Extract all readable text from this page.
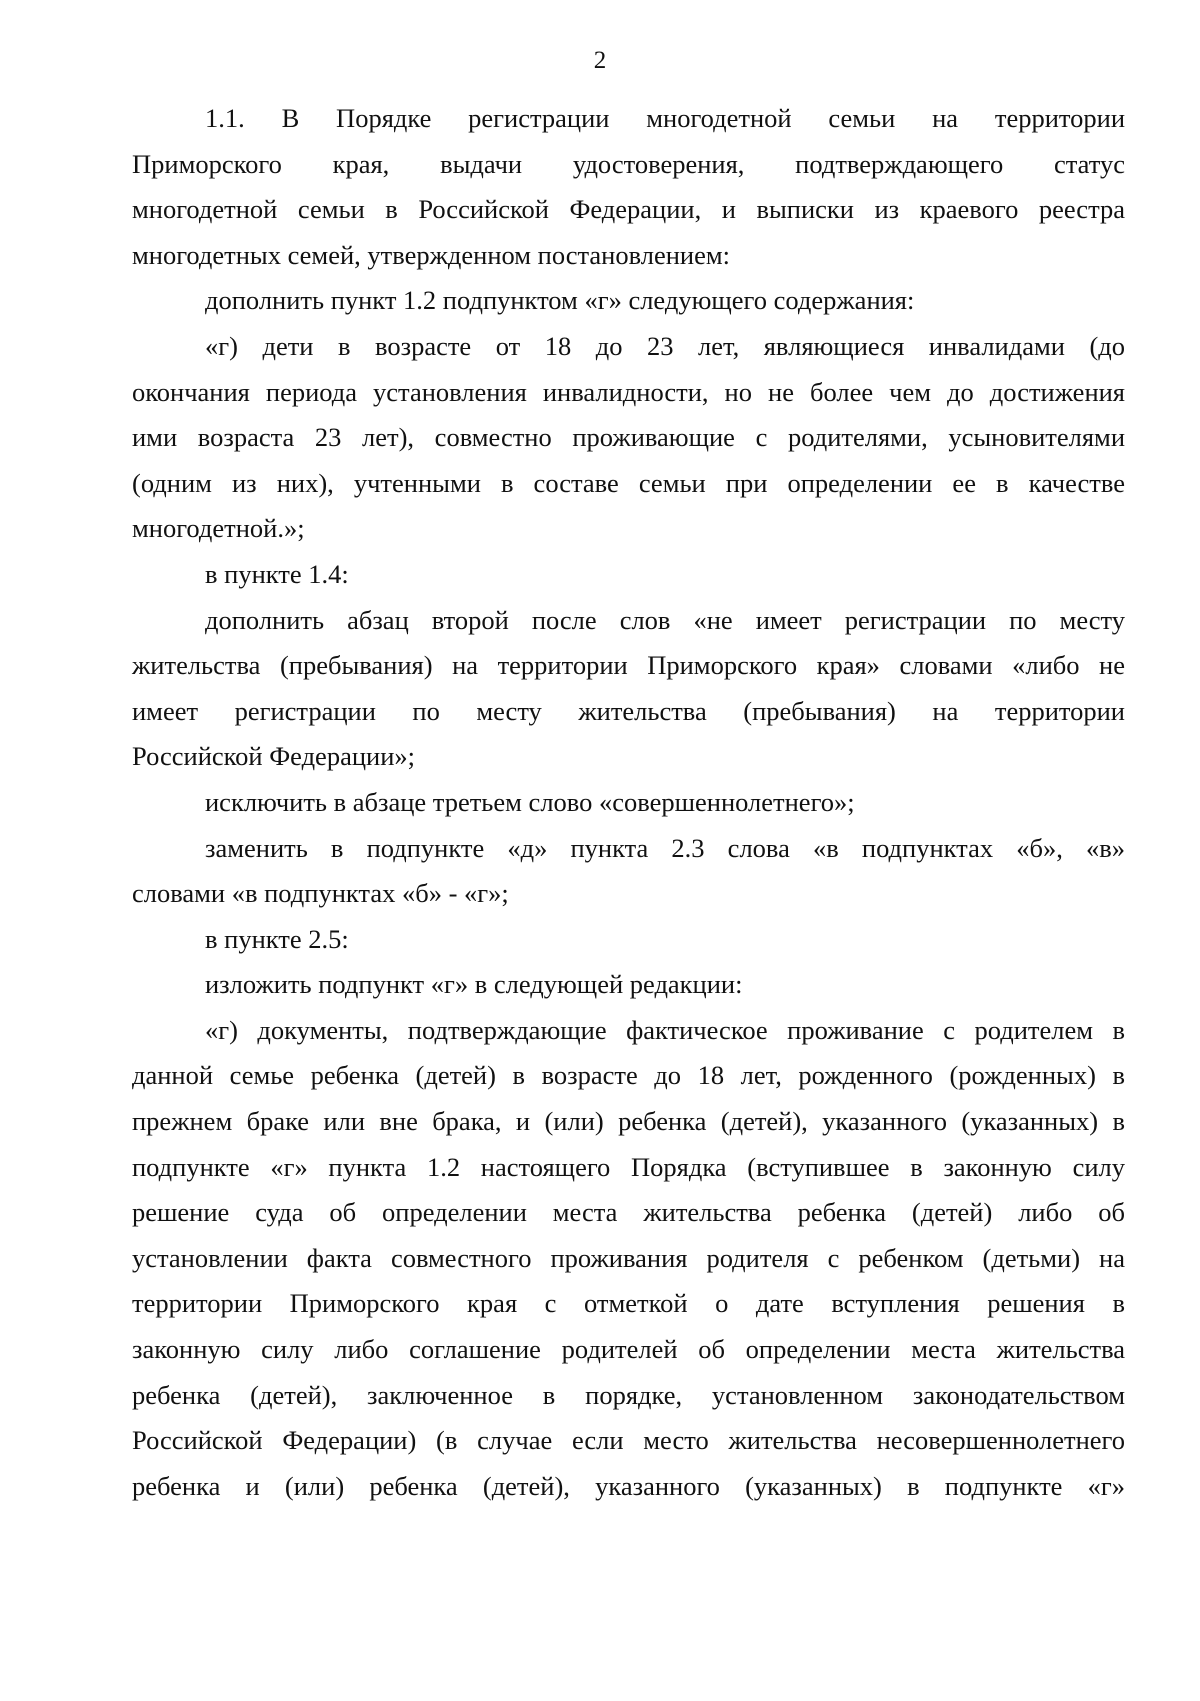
2
1.1. В Порядке регистрации многодетной семьи на территории
Приморского края, выдачи удостоверения, подтверждающего статус
многодетной семьи в Российской Федерации, и выписки из краевого реестра
многодетных семей, утвержденном постановлением:
дополнить пункт 1.2 подпунктом «г» следующего содержания:
«г) дети в возрасте от 18 до 23 лет, являющиеся инвалидами (до
окончания периода установления инвалидности, но не более чем до достижения
ими возраста 23 лет), совместно проживающие с родителями, усыновителями
(одним из них), учтенными в составе семьи при определении ее в качестве
многодетной.»;
в пункте 1.4:
дополнить абзац второй после слов «не имеет регистрации по месту
жительства (пребывания) на территории Приморского края» словами «либо не
имеет регистрации по месту жительства (пребывания) на территории
Российской Федерации»;
исключить в абзаце третьем слово «совершеннолетнего»;
заменить в подпункте «д» пункта 2.3 слова «в подпунктах «б», «в»
словами «в подпунктах «б» - «г»;
в пункте 2.5:
изложить подпункт «г» в следующей редакции:
«г) документы, подтверждающие фактическое проживание с родителем в
данной семье ребенка (детей) в возрасте до 18 лет, рожденного (рожденных) в
прежнем браке или вне брака, и (или) ребенка (детей), указанного (указанных) в
подпункте «г» пункта 1.2 настоящего Порядка (вступившее в законную силу
решение суда об определении места жительства ребенка (детей) либо об
установлении факта совместного проживания родителя с ребенком (детьми) на
территории Приморского края с отметкой о дате вступления решения в
законную силу либо соглашение родителей об определении места жительства
ребенка (детей), заключенное в порядке, установленном законодательством
Российской Федерации) (в случае если место жительства несовершеннолетнего
ребенка и (или) ребенка (детей), указанного (указанных) в подпункте «г»
